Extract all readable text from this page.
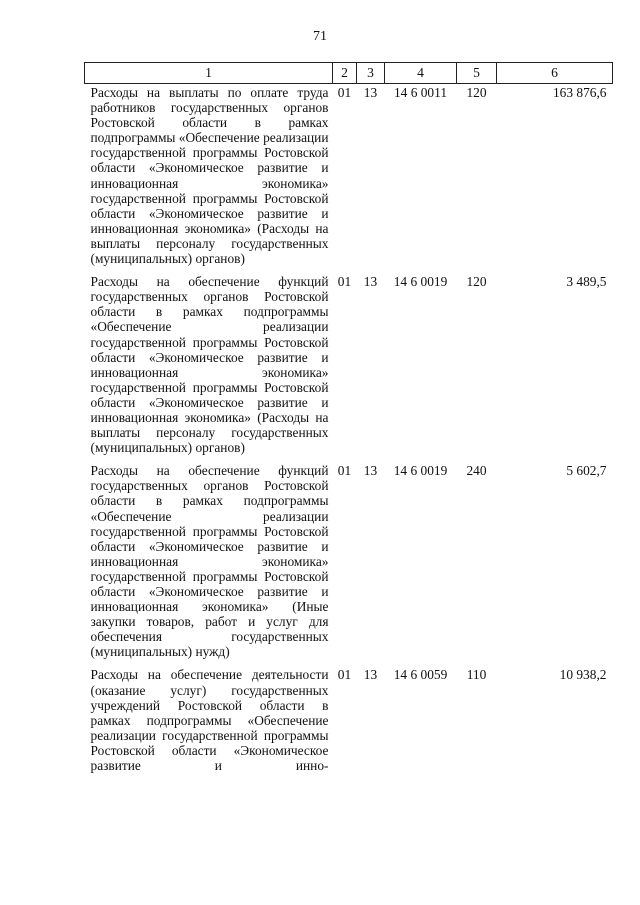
71
1	2	3	4	5	6
Расходы на выплаты по оплате труда работников государственных органов Ростовской области в рамках подпрограммы «Обеспечение реализации государственной программы Ростовской области «Экономическое развитие и инновационная экономика» государственной программы Ростовской области «Экономическое развитие и инновационная экономика» (Расходы на выплаты персоналу государственных (муниципальных) органов)	01	13	14 6 0011	120	163 876,6
Расходы на обеспечение функций государственных органов Ростовской области в рамках подпрограммы «Обеспечение реализации государственной программы Ростовской области «Экономическое развитие и инновационная экономика» государственной программы Ростовской области «Экономическое развитие и инновационная экономика» (Расходы на выплаты персоналу государственных (муниципальных) органов)	01	13	14 6 0019	120	3 489,5
Расходы на обеспечение функций государственных органов Ростовской области в рамках подпрограммы «Обеспечение реализации государственной программы Ростовской области «Экономическое развитие и инновационная экономика» государственной программы Ростовской области «Экономическое развитие и инновационная экономика» (Иные закупки товаров, работ и услуг для обеспечения государственных (муниципальных) нужд)	01	13	14 6 0019	240	5 602,7
Расходы на обеспечение деятельности (оказание услуг) государственных учреждений Ростовской области в рамках подпрограммы «Обеспечение реализации государственной программы Ростовской области «Экономическое развитие и инно-	01	13	14 6 0059	110	10 938,2
